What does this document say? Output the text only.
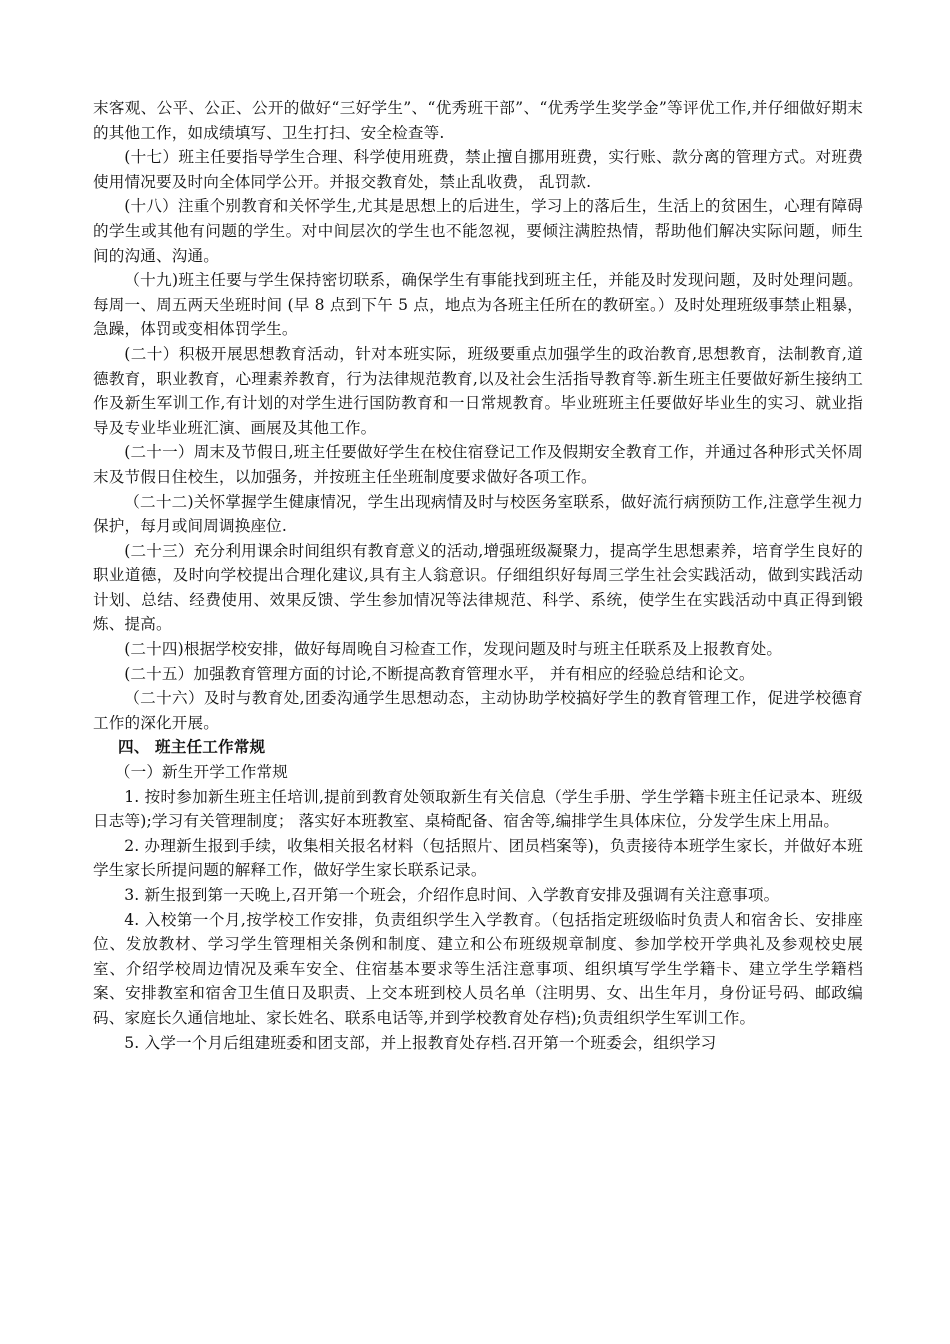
末客观、公平、公正、公开的做好“三好学生”、“优秀班干部”、“优秀学生奖学金”等评优工作,并仔细做好期末的其他工作，如成绩填写、卫生打扫、安全检查等.

(十七）班主任要指导学生合理、科学使用班费，禁止擅自挪用班费，实行账、款分离的管理方式。对班费使用情况要及时向全体同学公开。并报交教育处，禁止乱收费， 乱罚款.

(十八）注重个别教育和关怀学生,尤其是思想上的后进生，学习上的落后生，生活上的贫困生，心理有障碍的学生或其他有问题的学生。对中间层次的学生也不能忽视，要倾注满腔热情，帮助他们解决实际问题，师生间的沟通、沟通。

（十九)班主任要与学生保持密切联系，确保学生有事能找到班主任，并能及时发现问题，及时处理问题。每周一、周五两天坐班时间 (早 8 点到下午 5 点，地点为各班主任所在的教研室。）及时处理班级事禁止粗暴，急躁，体罚或变相体罚学生。

(二十）积极开展思想教育活动，针对本班实际，班级要重点加强学生的政治教育,思想教育，法制教育,道德教育，职业教育，心理素养教育，行为法律规范教育,以及社会生活指导教育等.新生班主任要做好新生接纳工作及新生军训工作,有计划的对学生进行国防教育和一日常规教育。毕业班班主任要做好毕业生的实习、就业指导及专业毕业班汇演、画展及其他工作。

(二十一）周末及节假日,班主任要做好学生在校住宿登记工作及假期安全教育工作，并通过各种形式关怀周末及节假日住校生，以加强务，并按班主任坐班制度要求做好各项工作。

（二十二)关怀掌握学生健康情况，学生出现病情及时与校医务室联系，做好流行病预防工作,注意学生视力保护，每月或间周调换座位.

(二十三）充分利用课余时间组织有教育意义的活动,增强班级凝聚力，提高学生思想素养，培育学生良好的职业道德，及时向学校提出合理化建议,具有主人翁意识。仔细组织好每周三学生社会实践活动，做到实践活动计划、总结、经费使用、效果反馈、学生参加情况等法律规范、科学、系统，使学生在实践活动中真正得到锻炼、提高。

(二十四)根据学校安排，做好每周晚自习检查工作，发现问题及时与班主任联系及上报教育处。

(二十五）加强教育管理方面的讨论,不断提高教育管理水平， 并有相应的经验总结和论文。

（二十六）及时与教育处,团委沟通学生思想动态，主动协助学校搞好学生的教育管理工作，促进学校德育工作的深化开展。

四、 班主任工作常规

（一）新生开学工作常规

1. 按时参加新生班主任培训,提前到教育处领取新生有关信息（学生手册、学生学籍卡班主任记录本、班级日志等);学习有关管理制度； 落实好本班教室、桌椅配备、宿舍等,编排学生具体床位，分发学生床上用品。

2. 办理新生报到手续，收集相关报名材料（包括照片、团员档案等)，负责接待本班学生家长，并做好本班学生家长所提问题的解释工作，做好学生家长联系记录。

3. 新生报到第一天晚上,召开第一个班会，介绍作息时间、入学教育安排及强调有关注意事项。

4. 入校第一个月,按学校工作安排，负责组织学生入学教育。（包括指定班级临时负责人和宿舍长、安排座位、发放教材、学习学生管理相关条例和制度、建立和公布班级规章制度、参加学校开学典礼及参观校史展室、介绍学校周边情况及乘车安全、住宿基本要求等生活注意事项、组织填写学生学籍卡、建立学生学籍档案、安排教室和宿舍卫生值日及职责、上交本班到校人员名单（注明男、女、出生年月，身份证号码、邮政编码、家庭长久通信地址、家长姓名、联系电话等,并到学校教育处存档);负责组织学生军训工作。

5. 入学一个月后组建班委和团支部，并上报教育处存档.召开第一个班委会，组织学习
